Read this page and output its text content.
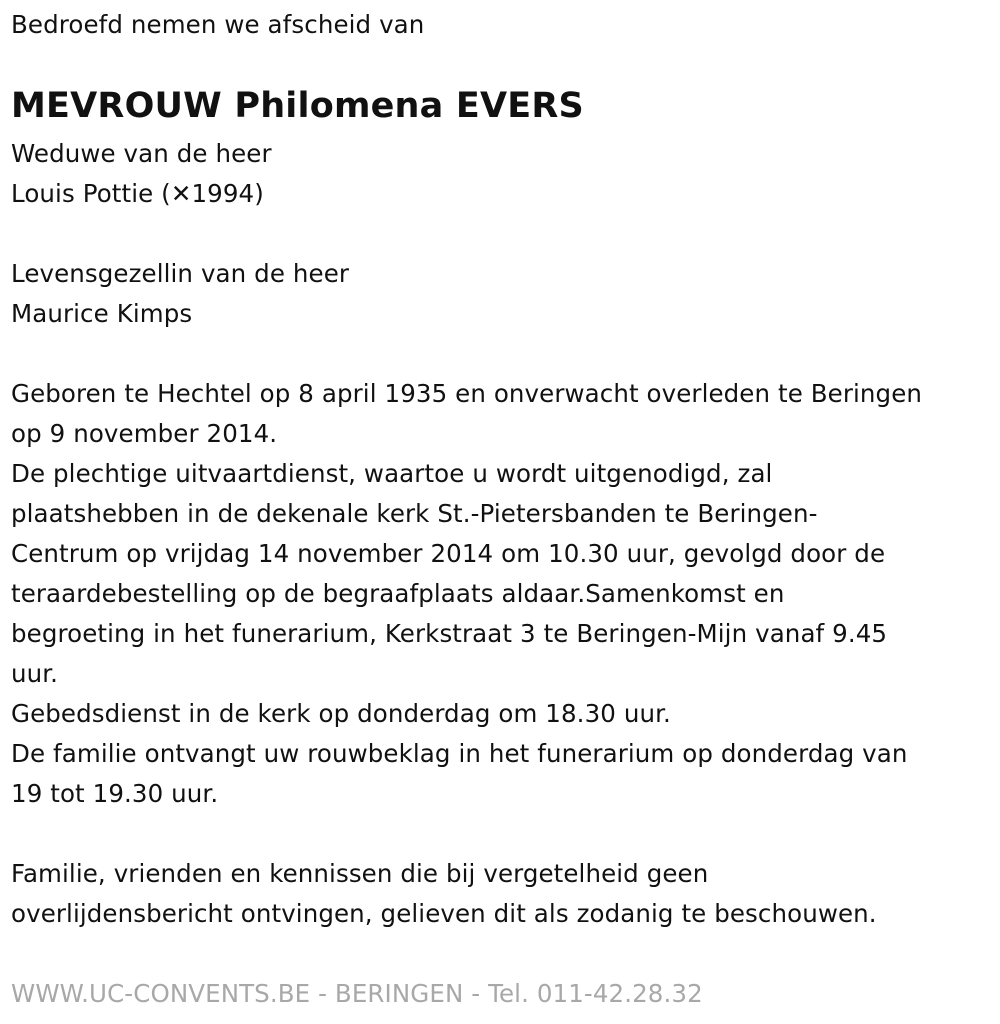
Bedroefd nemen we afscheid van
MEVROUW Philomena EVERS
Weduwe van de heer
Louis Pottie (✕1994)
Levensgezellin van de heer
Maurice Kimps
Geboren te Hechtel op 8 april 1935 en onverwacht overleden te Beringen
op 9 november 2014.
De plechtige uitvaartdienst, waartoe u wordt uitgenodigd, zal
plaatshebben in de dekenale kerk St.-Pietersbanden te Beringen-
Centrum op vrijdag 14 november 2014 om 10.30 uur, gevolgd door de
teraardebestelling op de begraafplaats aldaar.Samenkomst en
begroeting in het funerarium, Kerkstraat 3 te Beringen-Mijn vanaf 9.45
uur.
Gebedsdienst in de kerk op donderdag om 18.30 uur.
De familie ontvangt uw rouwbeklag in het funerarium op donderdag van
19 tot 19.30 uur.
Familie, vrienden en kennissen die bij vergetelheid geen
overlijdensbericht ontvingen, gelieven dit als zodanig te beschouwen.
WWW.UC-CONVENTS.BE - BERINGEN - Tel. 011-42.28.32
